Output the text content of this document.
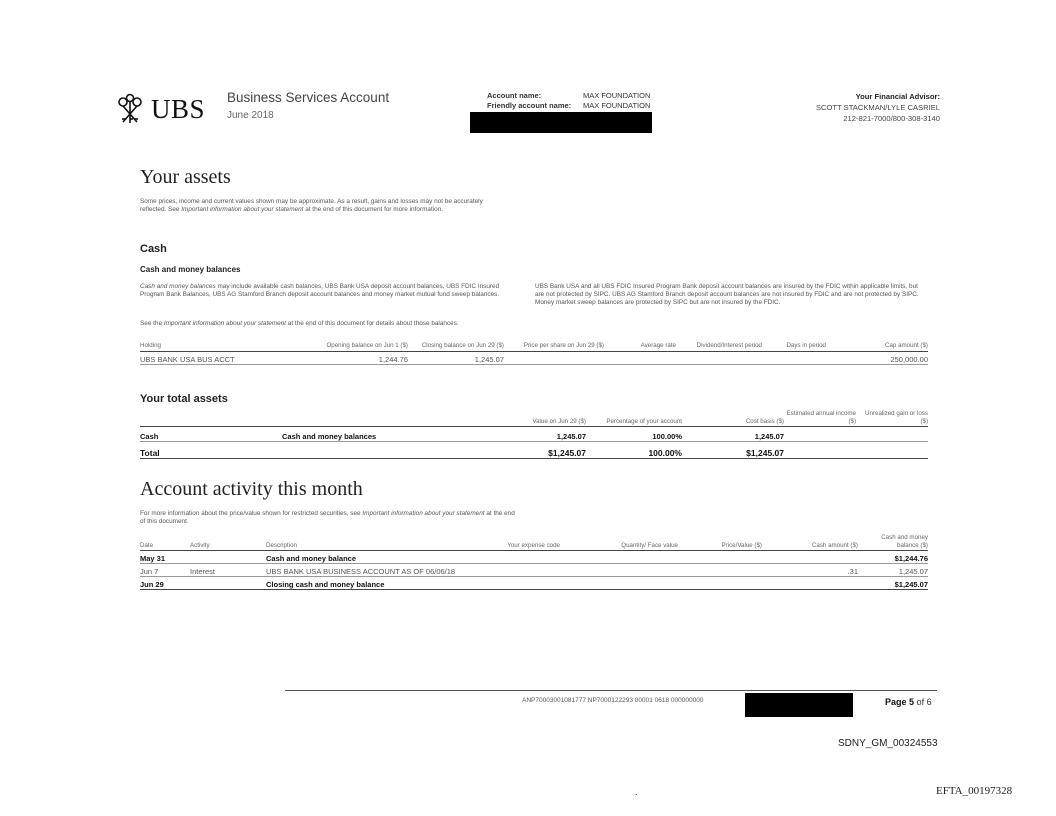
UBS Business Services Account
June 2018
Account name:	MAX FOUNDATION
Friendly account name: MAX FOUNDATION
Your Financial Advisor:
SCOTT STACKMAN/LYLE CASRIEL
212-821-7000/800-308-3140
Your assets
Some prices, income and current values shown may be approximate. As a result, gains and losses may not be accurately reflected. See Important information about your statement at the end of this document for more information.
Cash
Cash and money balances
Cash and money balances may include available cash balances, UBS Bank USA deposit account balances, UBS FDIC Insured Program Bank Balances, UBS AG Stamford Branch deposit account balances and money market mutual fund sweep balances.
See the Important information about your statement at the end of this document for details about those balances.
UBS Bank USA and all UBS FDIC Insured Program Bank deposit account balances are insured by the FDIC within applicable limits, but are not protected by SIPC. UBS AG Stamford Branch deposit account balances are not insured by FDIC and are not protected by SIPC. Money market sweep balances are protected by SIPC but are not insured by the FDIC.
Holding	Opening balance on Jun 1 ($)	Closing balance on Jun 29 ($)	Price per share on Jun 29 ($)	Average rate	Dividend/Interest period	Days in period	Cap amount ($)
UBS BANK USA BUS ACCT	1,244.76	1,245.07					250,000.00
Your total assets
		Value on Jun 29 ($)	Percentage of your account	Cost basis ($)	Estimated annual income ($)	Unrealized gain or loss ($)
Cash	Cash and money balances	1,245.07	100.00%	1,245.07		
Total		$1,245.07	100.00%	$1,245.07		
Account activity this month
For more information about the price/value shown for restricted securities, see Important information about your statement at the end of this document.
Date	Activity	Description	Your expense code	Quantity/ Face value	Price/Value ($)	Cash amount ($)	Cash and money balance ($)
May 31		Cash and money balance					$1,244.76
Jun 7	Interest	UBS BANK USA BUSINESS ACCOUNT AS OF 06/06/18				.31	1,245.07
Jun 29		Closing cash and money balance					$1,245.07
ANP70003001081777 NP7000122293 00001 0618 000000000	Page 5 of 6
SDNY_GM_00324553
.	EFTA_00197328
